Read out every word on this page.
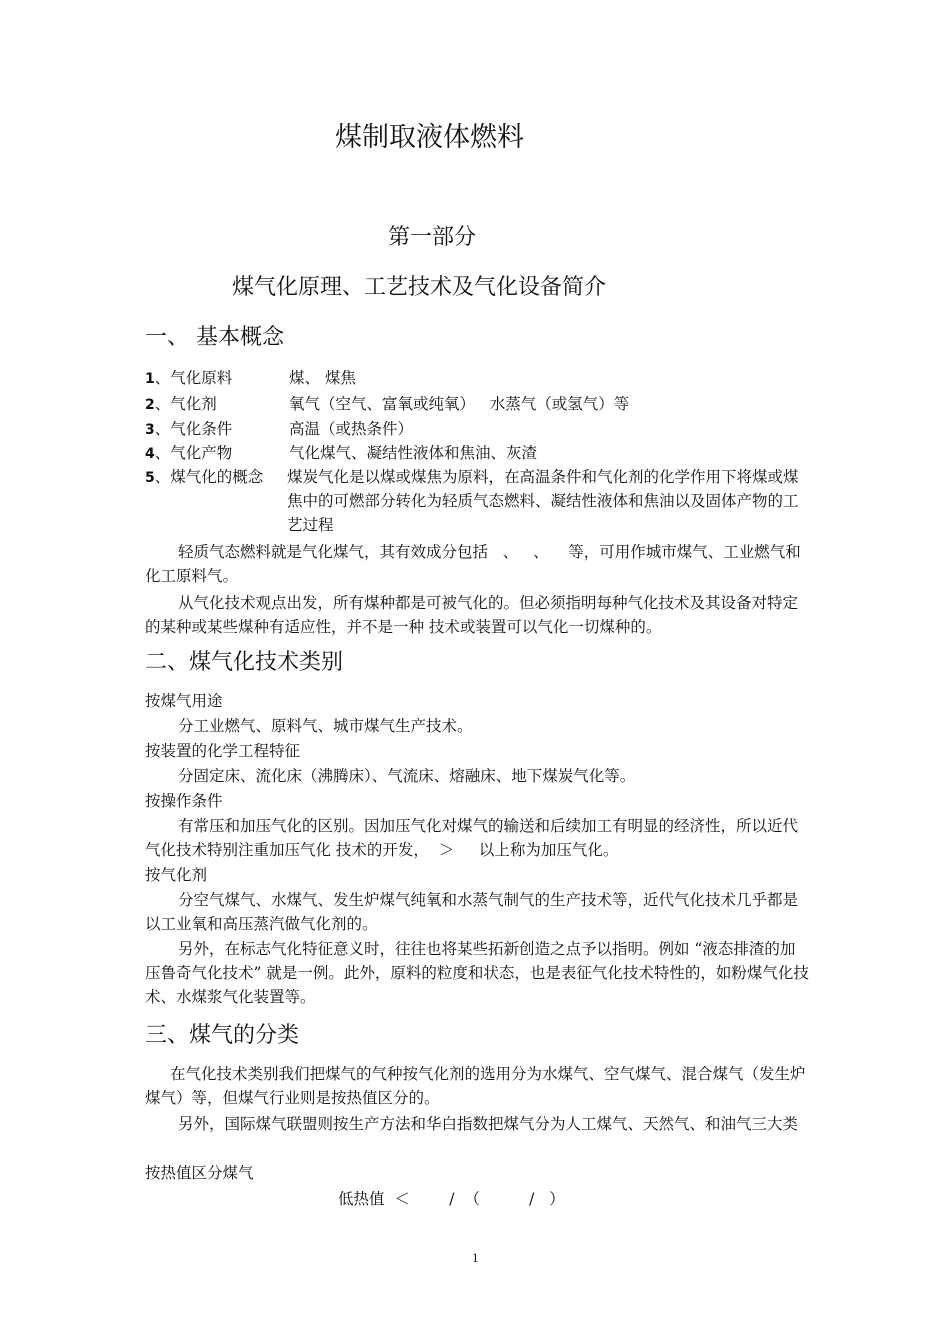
煤制取液体燃料
第一部分
煤气化原理、工艺技术及气化设备简介
一、 基本概念
1、气化原料	煤、 煤焦
2、气化剂	氧气（空气、富氧或纯氧）   水蒸气（或氢气）等
3、气化条件	高温（或热条件）
4、气化产物	气化煤气、凝结性液体和焦油、灰渣
5、煤气化的概念 煤炭气化是以煤或煤焦为原料，在高温条件和气化剂的化学作用下将煤或煤焦中的可燃部分转化为轻质气态燃料、凝结性液体和焦油以及固体产物的工艺过程
轻质气态燃料就是气化煤气，其有效成分包括   、   、    等，可用作城市煤气、工业燃气和化工原料气。
从气化技术观点出发，所有煤种都是可被气化的。但必须指明每种气化技术及其设备对特定的某种或某些煤种有适应性，并不是一种 技术或装置可以气化一切煤种的。
二、煤气化技术类别
按煤气用途
分工业燃气、原料气、城市煤气生产技术。
按装置的化学工程特征
分固定床、流化床（沸腾床）、气流床、熔融床、地下煤炭气化等。
按操作条件
有常压和加压气化的区别。因加压气化对煤气的输送和后续加工有明显的经济性，所以近代气化技术特别注重加压气化 技术的开发，  ＞     以上称为加压气化。
按气化剂
分空气煤气、水煤气、发生炉煤气纯氧和水蒸气制气的生产技术等，近代气化技术几乎都是以工业氧和高压蒸汽做气化剂的。
另外，在标志气化特征意义时，往往也将某些拓新创造之点予以指明。例如 “液态排渣的加压鲁奇气化技术” 就是一例。此外，原料的粒度和状态，也是表征气化技术特性的，如粉煤气化技术、水煤浆气化装置等。
三、煤气的分类
在气化技术类别我们把煤气的气种按气化剂的选用分为水煤气、空气煤气、混合煤气（发生炉煤气）等，但煤气行业则是按热值区分的。
另外，国际煤气联盟则按生产方法和华白指数把煤气分为人工煤气、天然气、和油气三大类
按热值区分煤气
低热值  ＜        /  （          /   ）
1
